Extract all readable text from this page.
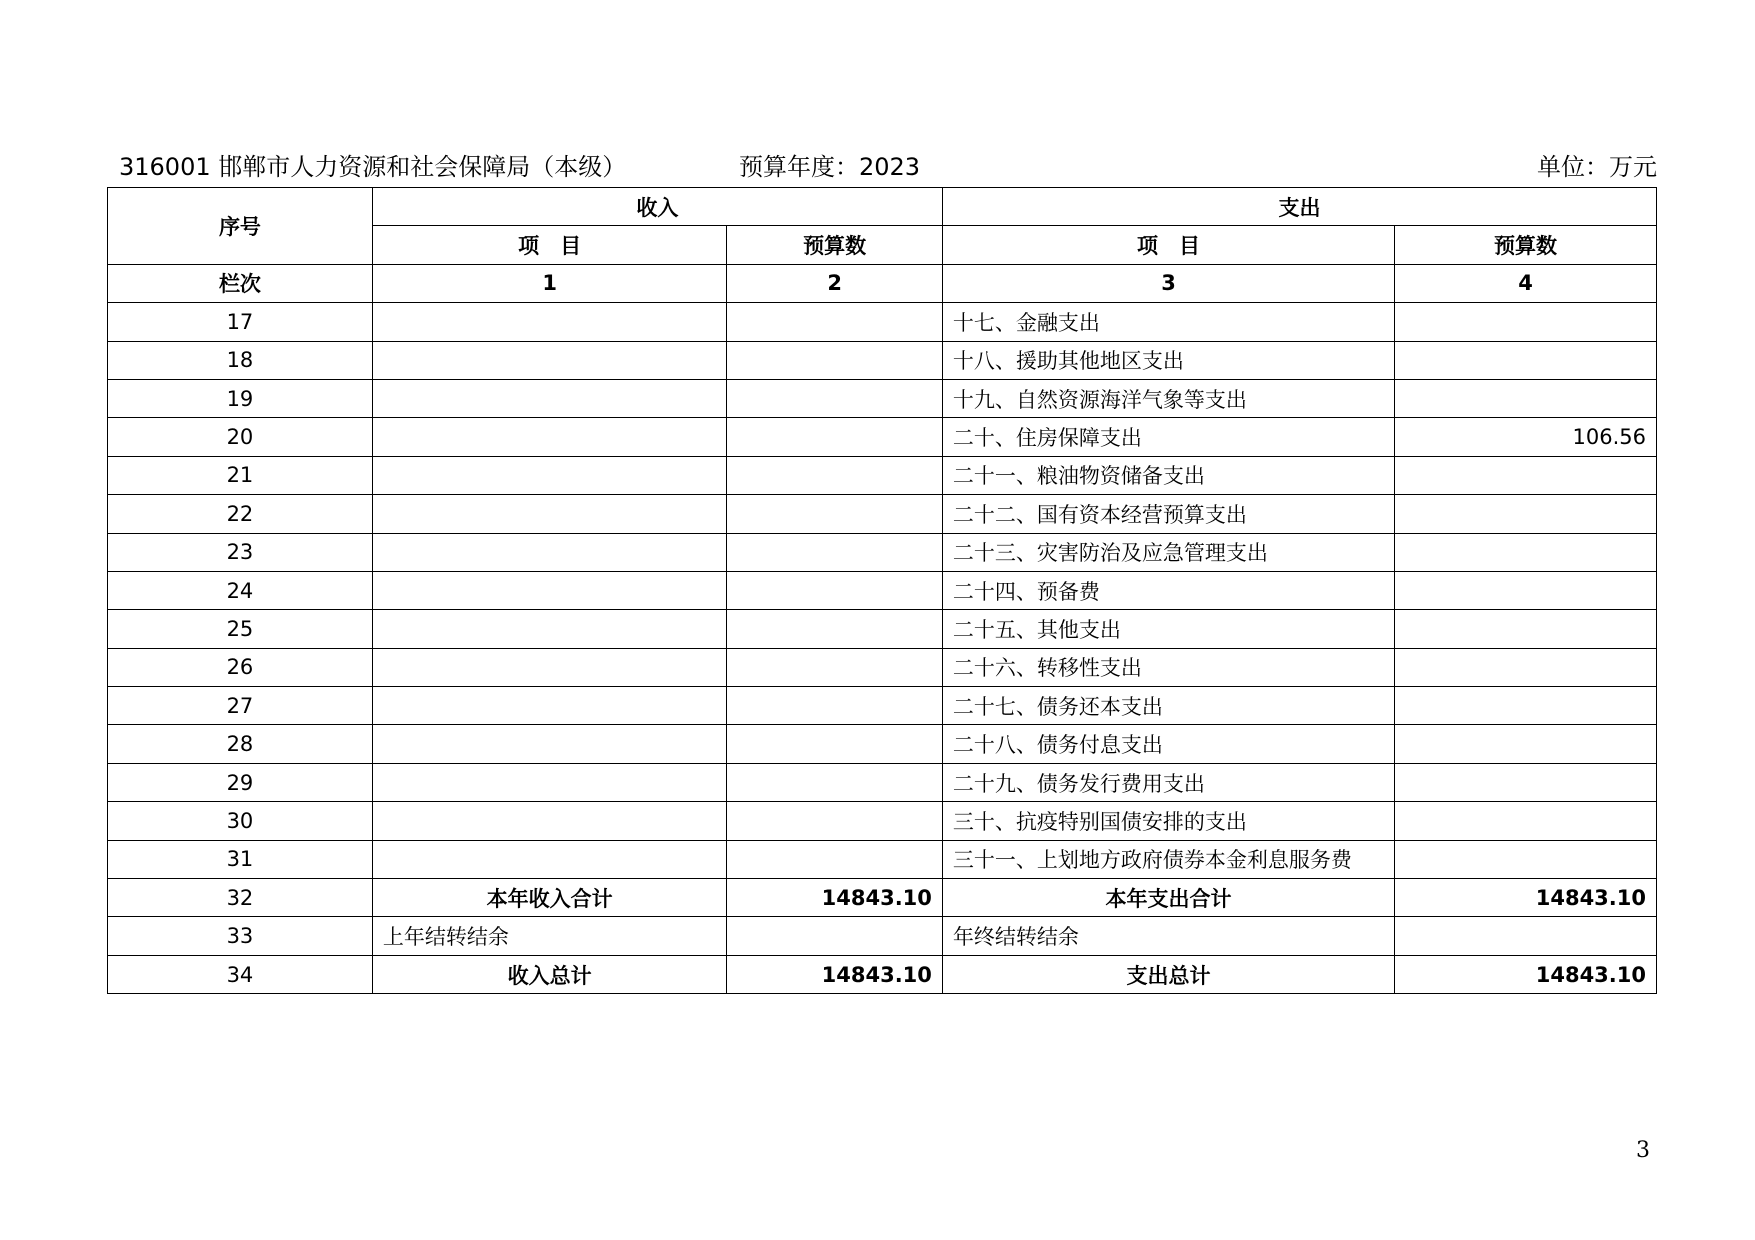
316001 邯郸市人力资源和社会保障局（本级）	预算年度：2023	单位：万元
序号	收入		支出	
	项　目	预算数	项　目	预算数
栏次	1	2	3	4
17			十七、金融支出	
18			十八、援助其他地区支出	
19			十九、自然资源海洋气象等支出	
20			二十、住房保障支出	106.56
21			二十一、粮油物资储备支出	
22			二十二、国有资本经营预算支出	
23			二十三、灾害防治及应急管理支出	
24			二十四、预备费	
25			二十五、其他支出	
26			二十六、转移性支出	
27			二十七、债务还本支出	
28			二十八、债务付息支出	
29			二十九、债务发行费用支出	
30			三十、抗疫特别国债安排的支出	
31			三十一、上划地方政府债券本金利息服务费	
32	本年收入合计	14843.10	本年支出合计	14843.10
33	上年结转结余		年终结转结余	
34	收入总计	14843.10	支出总计	14843.10
3
